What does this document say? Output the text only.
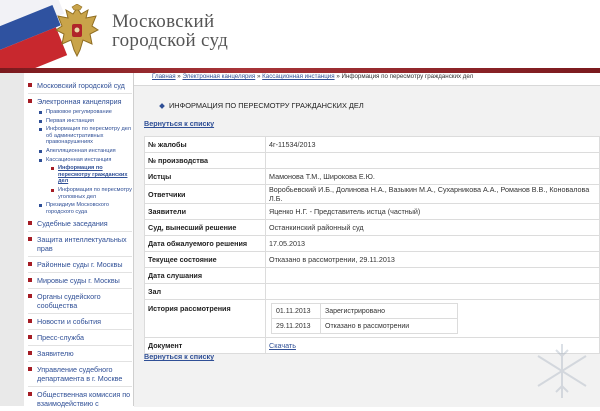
Московский
городской суд
Московский городской суд
Электронная канцелярия
Правовое регулирование
Первая инстанция
Информация по пересмотру дел об административных правонарушениях
Апелляционная инстанция
Кассационная инстанция
Информация по пересмотру гражданских дел
Информация по пересмотру уголовных дел
Президиум Московского городского суда
Судебные заседания
Защита интеллектуальных прав
Районные суды г. Москвы
Мировые суды г. Москвы
Органы судейского сообщества
Новости и события
Пресс-служба
Заявителю
Управление судебного департамента в г. Москве
Общественная комиссия по взаимодействию с
Главная » Электронная канцелярия » Кассационная инстанция » Информация по пересмотру гражданских дел
ИНФОРМАЦИЯ ПО ПЕРЕСМОТРУ ГРАЖДАНСКИХ ДЕЛ
Вернуться к списку
№ жалобы	4г-11534/2013
№ производства	
Истцы	Мамонова Т.М., Широкова Е.Ю.
Ответчики	Воробьевский И.Б., Долинова Н.А., Вазыкин М.А., Сухарникова А.А., Романов В.В., Коновалова Л.Б.
Заявители	Яценко Н.Г. - Представитель истца (частный)
Суд, вынесший решение	Останкинский районный суд
Дата обжалуемого решения	17.05.2013
Текущее состояние	Отказано в рассмотрении, 29.11.2013
Дата слушания	
Зал	
История рассмотрения		01.11.2013	Зарегистрировано
29.11.2013	Отказано в рассмотрении

Документ	Скачать
Вернуться к списку
